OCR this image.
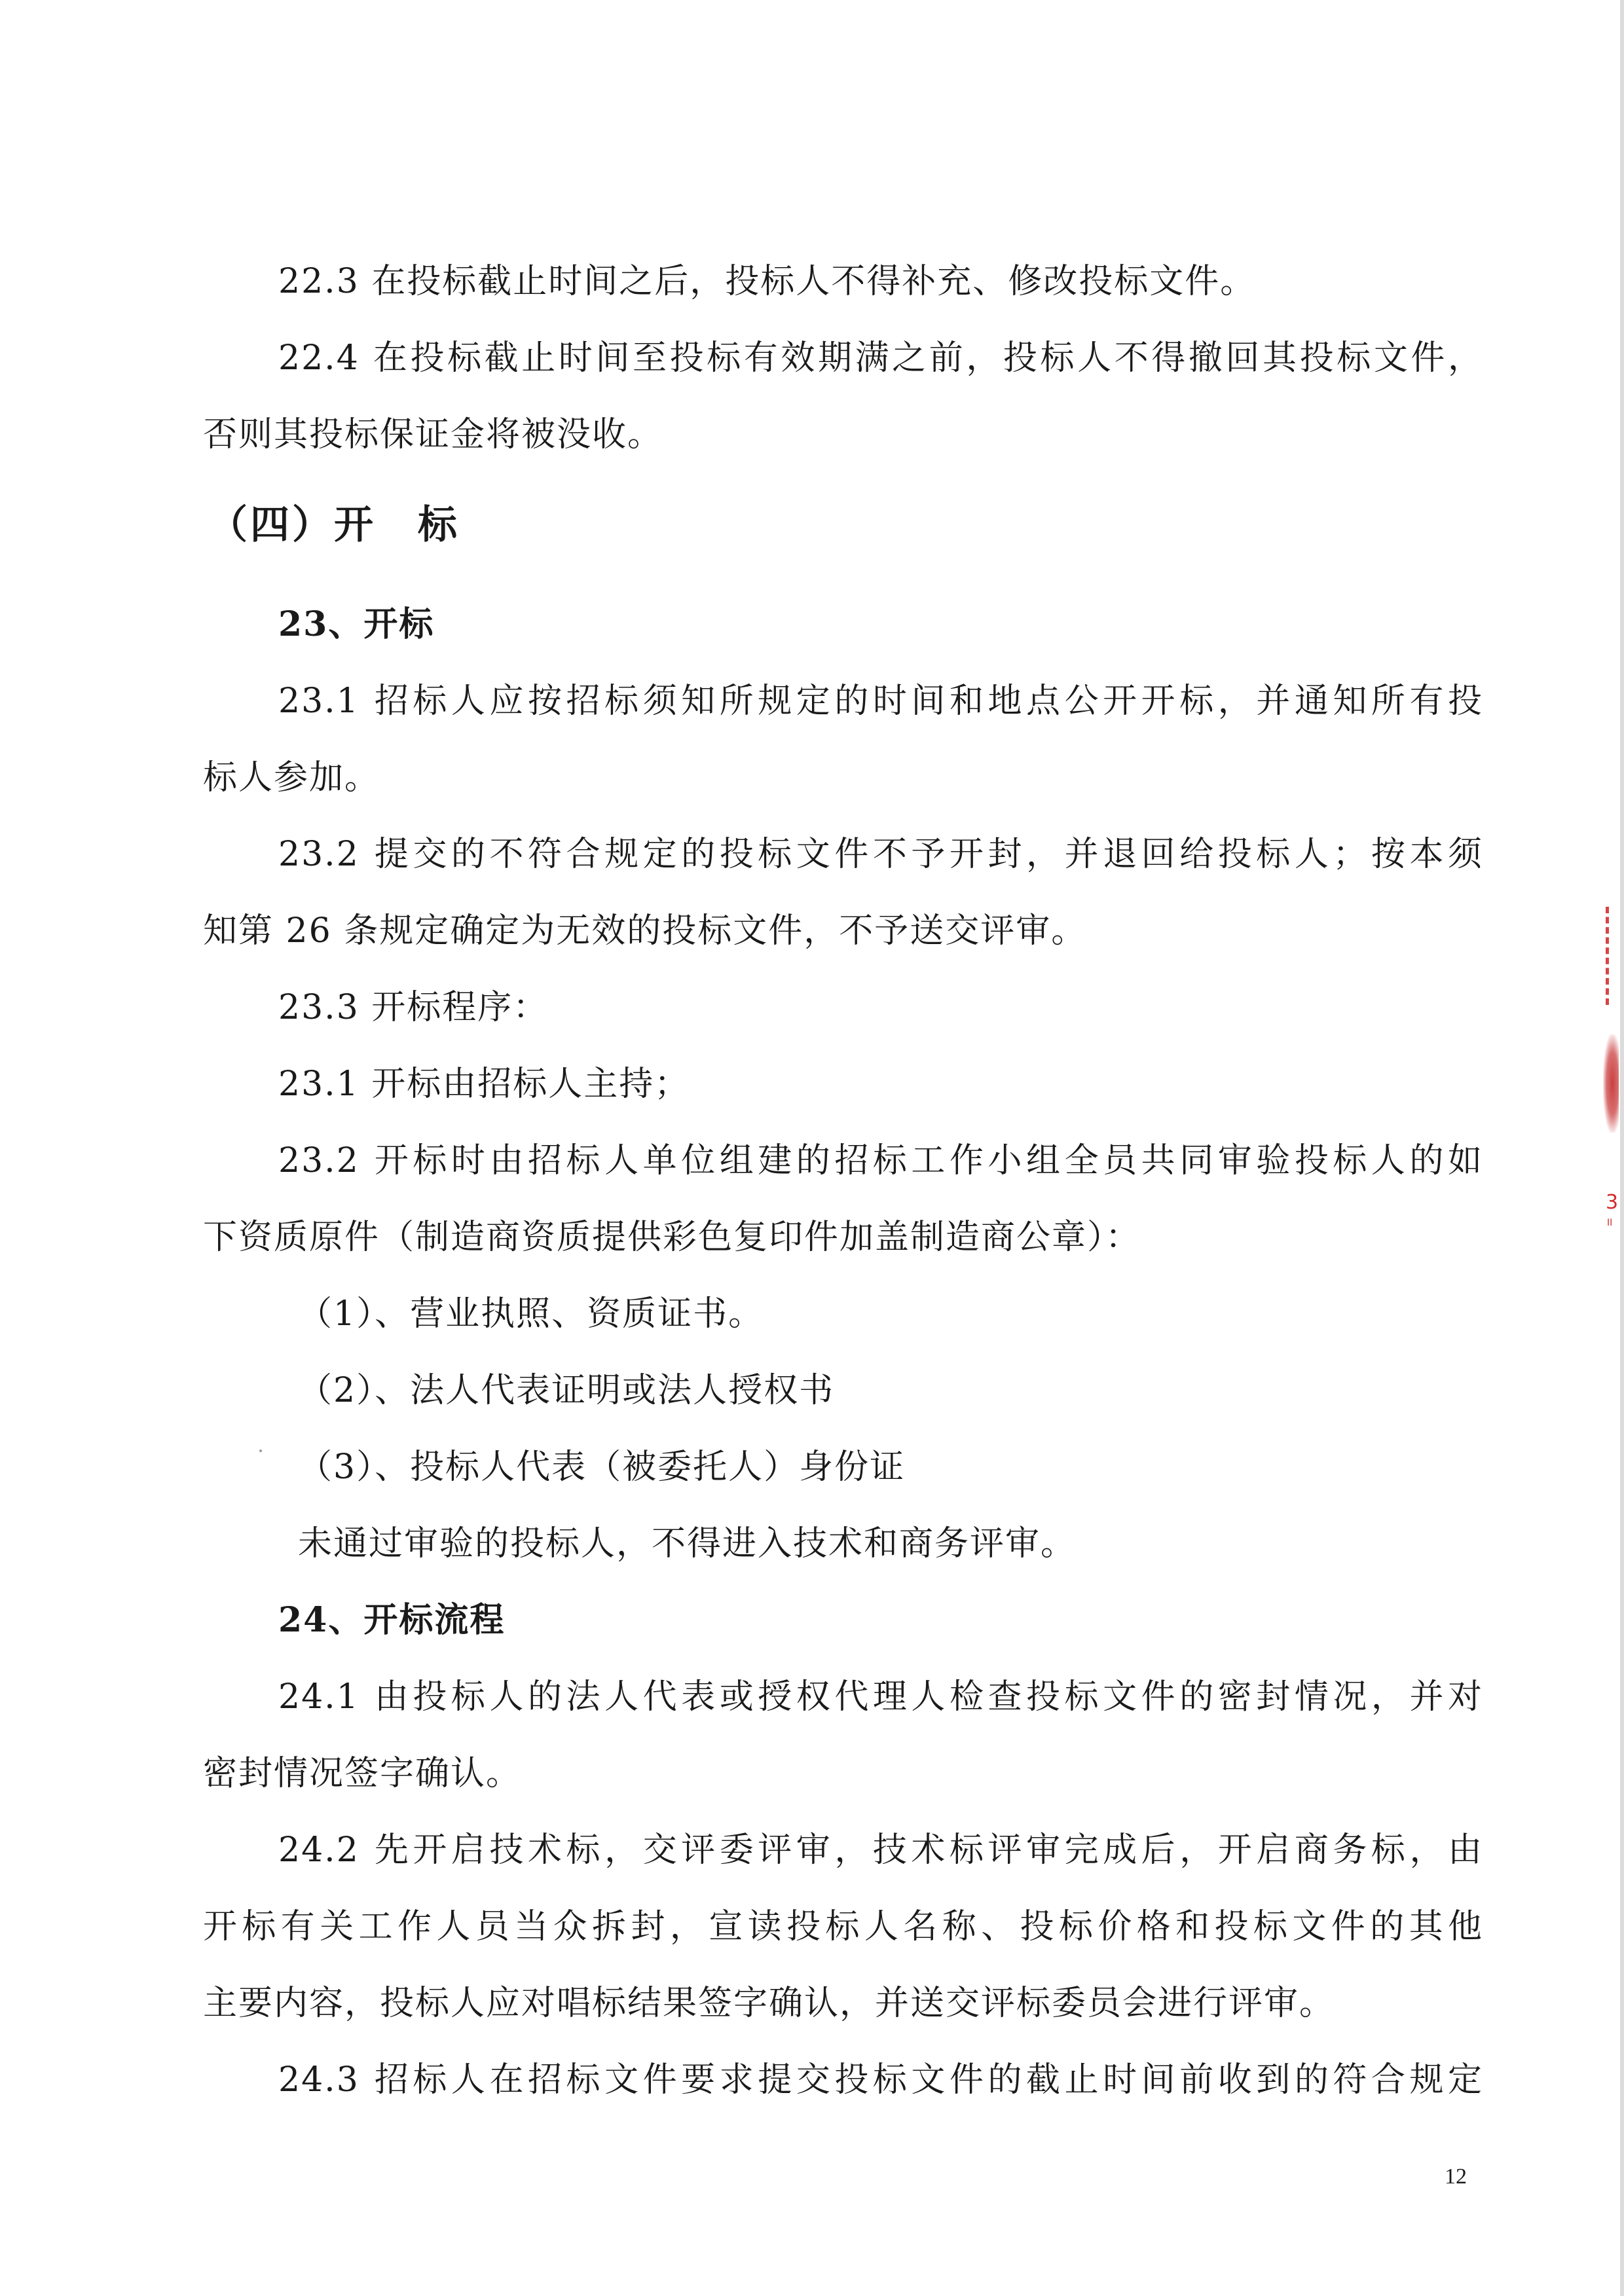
22.3 在投标截止时间之后，投标人不得补充、修改投标文件。
22.4 在投标截止时间至投标有效期满之前，投标人不得撤回其投标文件，
否则其投标保证金将被没收。
（四）开　标
23、开标
23.1 招标人应按招标须知所规定的时间和地点公开开标，并通知所有投
标人参加。
23.2 提交的不符合规定的投标文件不予开封，并退回给投标人；按本须
知第 26 条规定确定为无效的投标文件，不予送交评审。
23.3 开标程序：
23.1 开标由招标人主持；
23.2 开标时由招标人单位组建的招标工作小组全员共同审验投标人的如
下资质原件（制造商资质提供彩色复印件加盖制造商公章）：
（1）、营业执照、资质证书。
（2）、法人代表证明或法人授权书
（3）、投标人代表（被委托人）身份证
未通过审验的投标人，不得进入技术和商务评审。
24、开标流程
24.1 由投标人的法人代表或授权代理人检查投标文件的密封情况，并对
密封情况签字确认。
24.2 先开启技术标，交评委评审，技术标评审完成后，开启商务标，由
开标有关工作人员当众拆封，宣读投标人名称、投标价格和投标文件的其他
主要内容，投标人应对唱标结果签字确认，并送交评标委员会进行评审。
24.3 招标人在招标文件要求提交投标文件的截止时间前收到的符合规定
12
3
II
